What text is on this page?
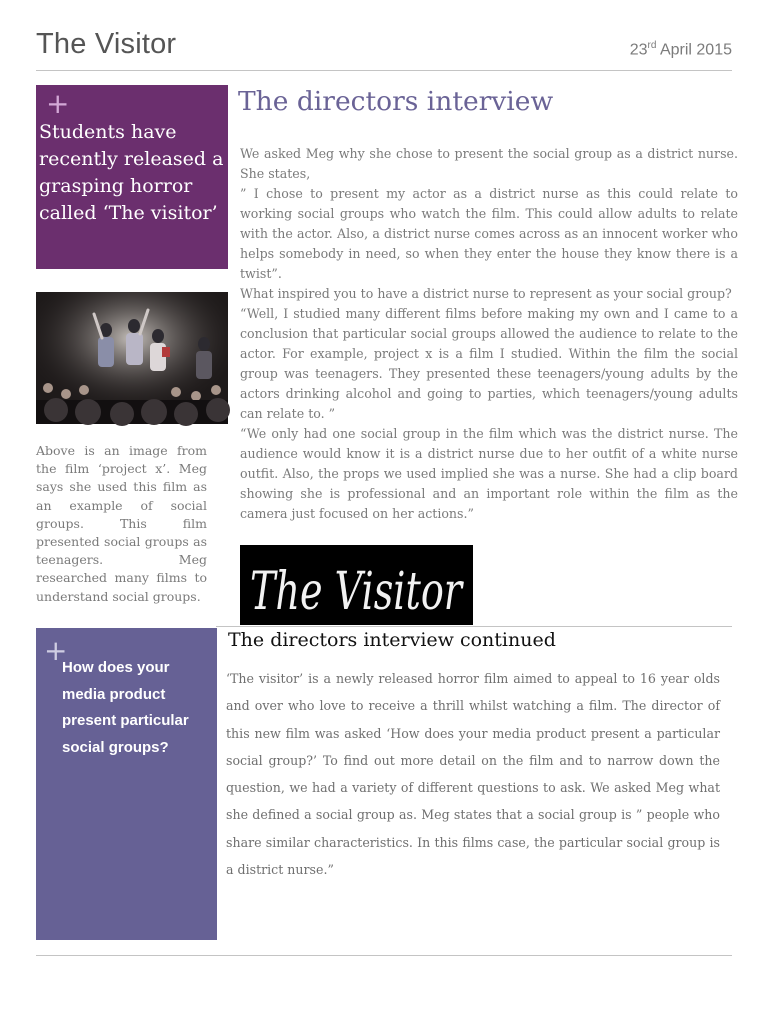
The Visitor	23rd April 2015
+
Students have recently released a grasping horror called ‘The visitor’
Above is an image from the film ‘project x’. Meg says she used this film as an example of social groups. This film presented social groups as teenagers. Meg researched many films to understand social groups.
The directors interview

We asked Meg why she chose to present the social group as a district nurse. She states,

” I chose to present my actor as a district nurse as this could relate to working social groups who watch the film. This could allow adults to relate with the actor. Also, a district nurse comes across as an innocent worker who helps somebody in need, so when they enter the house they know there is a twist”.

What inspired you to have a district nurse to represent as your social group?

“Well, I studied many different films before making my own and I came to a conclusion that particular social groups allowed the audience to relate to the actor. For example, project x is a film I studied. Within the film the social group was teenagers. They presented these teenagers/young adults by the actors drinking alcohol and going to parties, which teenagers/young adults can relate to. ”

“We only had one social group in the film which was the district nurse. The audience would know it is a district nurse due to her outfit of a white nurse outfit. Also, the props we used implied she was a nurse. She had a clip board showing she is professional and an important role within the film as the camera just focused on her actions.”

The Visitor
+
How does your media product present particular social groups?
The directors interview continued
‘The visitor’ is a newly released horror film aimed to appeal to 16 year olds and over who love to receive a thrill whilst watching a film. The director of this new film was asked ‘How does your media product present a particular social group?’ To find out more detail on the film and to narrow down the question, we had a variety of different questions to ask. We asked Meg what she defined a social group as. Meg states that a social group is ” people who share similar characteristics. In this films case, the particular social group is a district nurse.”
